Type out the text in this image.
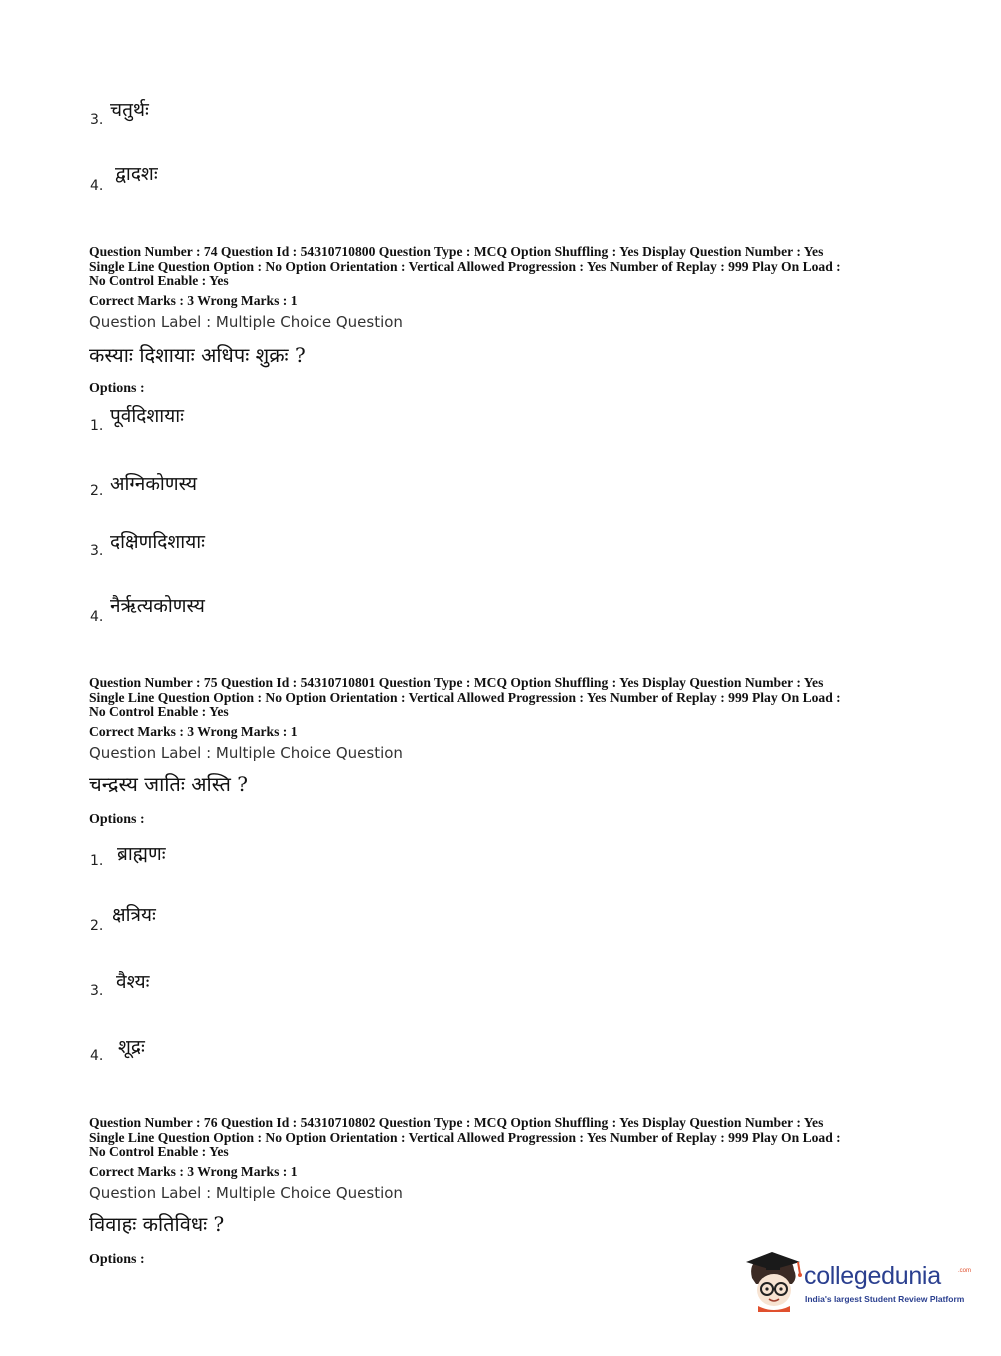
3. चतुर्थः
4.
द्वादशः
Question Number : 74 Question Id : 54310710800 Question Type : MCQ Option Shuffling : Yes Display Question Number : Yes
Single Line Question Option : No Option Orientation : Vertical Allowed Progression : Yes Number of Replay : 999 Play On Load :
No Control Enable : Yes
Correct Marks : 3 Wrong Marks : 1
Question Label : Multiple Choice Question
कस्याः दिशायाः अधिपः शुक्रः ?
Options :
1. पूर्वदिशायाः
2. अग्निकोणस्य
3. दक्षिणदिशायाः
4. नैर्ऋत्यकोणस्य
Question Number : 75 Question Id : 54310710801 Question Type : MCQ Option Shuffling : Yes Display Question Number : Yes
Single Line Question Option : No Option Orientation : Vertical Allowed Progression : Yes Number of Replay : 999 Play On Load :
No Control Enable : Yes
Correct Marks : 3 Wrong Marks : 1
Question Label : Multiple Choice Question
चन्द्रस्य जातिः अस्ति ?
Options :
1. ब्राह्मणः
2. क्षत्रियः
3. वैश्यः
4. शूद्रः
Question Number : 76 Question Id : 54310710802 Question Type : MCQ Option Shuffling : Yes Display Question Number : Yes
Single Line Question Option : No Option Orientation : Vertical Allowed Progression : Yes Number of Replay : 999 Play On Load :
No Control Enable : Yes
Correct Marks : 3 Wrong Marks : 1
Question Label : Multiple Choice Question
विवाहः कतिविधः ?
Options :
collegedunia	.com
India's largest Student Review Platform
